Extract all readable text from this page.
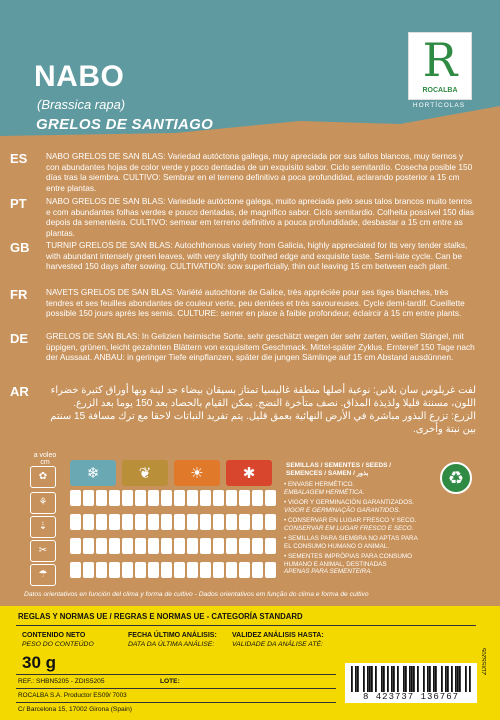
NABO
(Brassica rapa)
GRELOS DE SANTIAGO
R
ROCALBA
HORTÍCOLAS
ES	NABO GRELOS DE SAN BLAS: Variedad autóctona gallega, muy apreciada por sus tallos blancos, muy tiernos y con abundantes hojas de color verde y poco dentadas de un exquisito sabor. Ciclo semitardío. Cosecha posible 150 días tras la siembra. CULTIVO: Sembrar en el terreno definitivo a poca profundidad, aclarando posterior a 15 cm entre plantas.
PT	NABO GRELOS DE SAN BLAS: Variedade autóctone galega, muito apreciada pelo seus talos brancos muito tenros e com abundantes folhas verdes e pouco dentadas, de magnífico sabor. Ciclo semitardio. Colheita possível 150 dias depois da sementeira. CULTIVO: semear em terreno definitivo a pouca profundidade, desbastar a 15 cm entre as plantas.
GB	TURNIP GRELOS DE SAN BLAS: Autochthonous variety from Galicia, highly appreciated for its very tender stalks, with abundant intensely green leaves, with very slightly toothed edge and exquisite taste. Semi-late cycle. Can be harvested 150 days after sowing. CULTIVATION: sow superficially, thin out leaving 15 cm between each plant.
FR	NAVETS GRELOS DE SAN BLAS: Variété autochtone de Galice, très appréciée pour ses tiges blanches, très tendres et ses feuilles abondantes de couleur verte, peu dentées et très savoureuses. Cycle demi-tardif. Cueillette possible 150 jours après les semis. CULTURE: semer en place à faible profondeur, éclaircir à 15 cm entre plants.
DE	GRELOS DE SAN BLAS: In Gelizien heimische Sorte, sehr geschätzt wegen der sehr zarten, weißen Stängel, mit üppigen, grünen, leicht gezahnten Blättern von exquisitem Geschmack. Mittel-später Zyklus. Erntereif 150 Tage nach der Aussaat. ANBAU: in geringer Tiefe einpflanzen, später die jungen Sämlinge auf 15 cm Abstand ausdünnen.
AR	لفت غريلوس سان بلاس: نوعية أصلها منطقة غاليسيا تمتاز بسيقان بيضاء جد لينة وبها أوراق كثيرة خضراء اللون، مسننة قليلا ولذيذة المذاق. نصف متأخرة النضج. يمكن القيام بالحصاد بعد 150 يوما بعد الزرع. الزرع: تزرع البذور مباشرة في الأرض النهائية بعمق قليل. يتم تفريد النباتات لاحقا مع ترك مسافة 15 سنتم بين نبتة وأخرى.
a voleo cm
✿
⚘
⇣
✂
☂
❄	❦	☀	✱	SEMILLAS / SEMENTES / SEEDS /
SEMENCES / SAMEN / بذور
• ENVASE HERMÉTICO.
EMBALAGEM HERMÉTICA.
• VIGOR Y GERMINACIÓN GARANTIZADOS.
VIGOR E GERMINAÇÃO GARANTIDOS.
• CONSERVAR EN LUGAR FRESCO Y SECO.
CONSERVAR EM LUGAR FRESCO E SECO.
• SEMILLAS PARA SIEMBRA NO APTAS PARA EL CONSUMO HUMANO O ANIMAL.
• SEMENTES IMPRÓPIAS PARA CONSUMO HUMANO E ANIMAL, DESTINADAS
APENAS PARA SEMENTEIRA.
♻
Datos orientativos en función del clima y forma de cultivo - Dados orientativos em função do clima e forma de cultivo
REGLAS Y NORMAS UE / REGRAS E NORMAS UE - CATEGORÍA STANDARD
CONTENIDO NETO
PESO DO CONTEÚDO
30 g
FECHA ÚLTIMO ANÁLISIS:
DATA DA ÚLTIMA ANÁLISE:
VALIDEZ ANÁLISIS HASTA:
VALIDADE DA ANÁLISE ATÉ:
REF.: SHBN5205 - ZDIS5205	LOTE:
ROCALBA S.A. Productor ES09/ 7003
C/ Barcelona 15, 17002 Girona (Spain)
8 423737 136767
ZDIS5205
